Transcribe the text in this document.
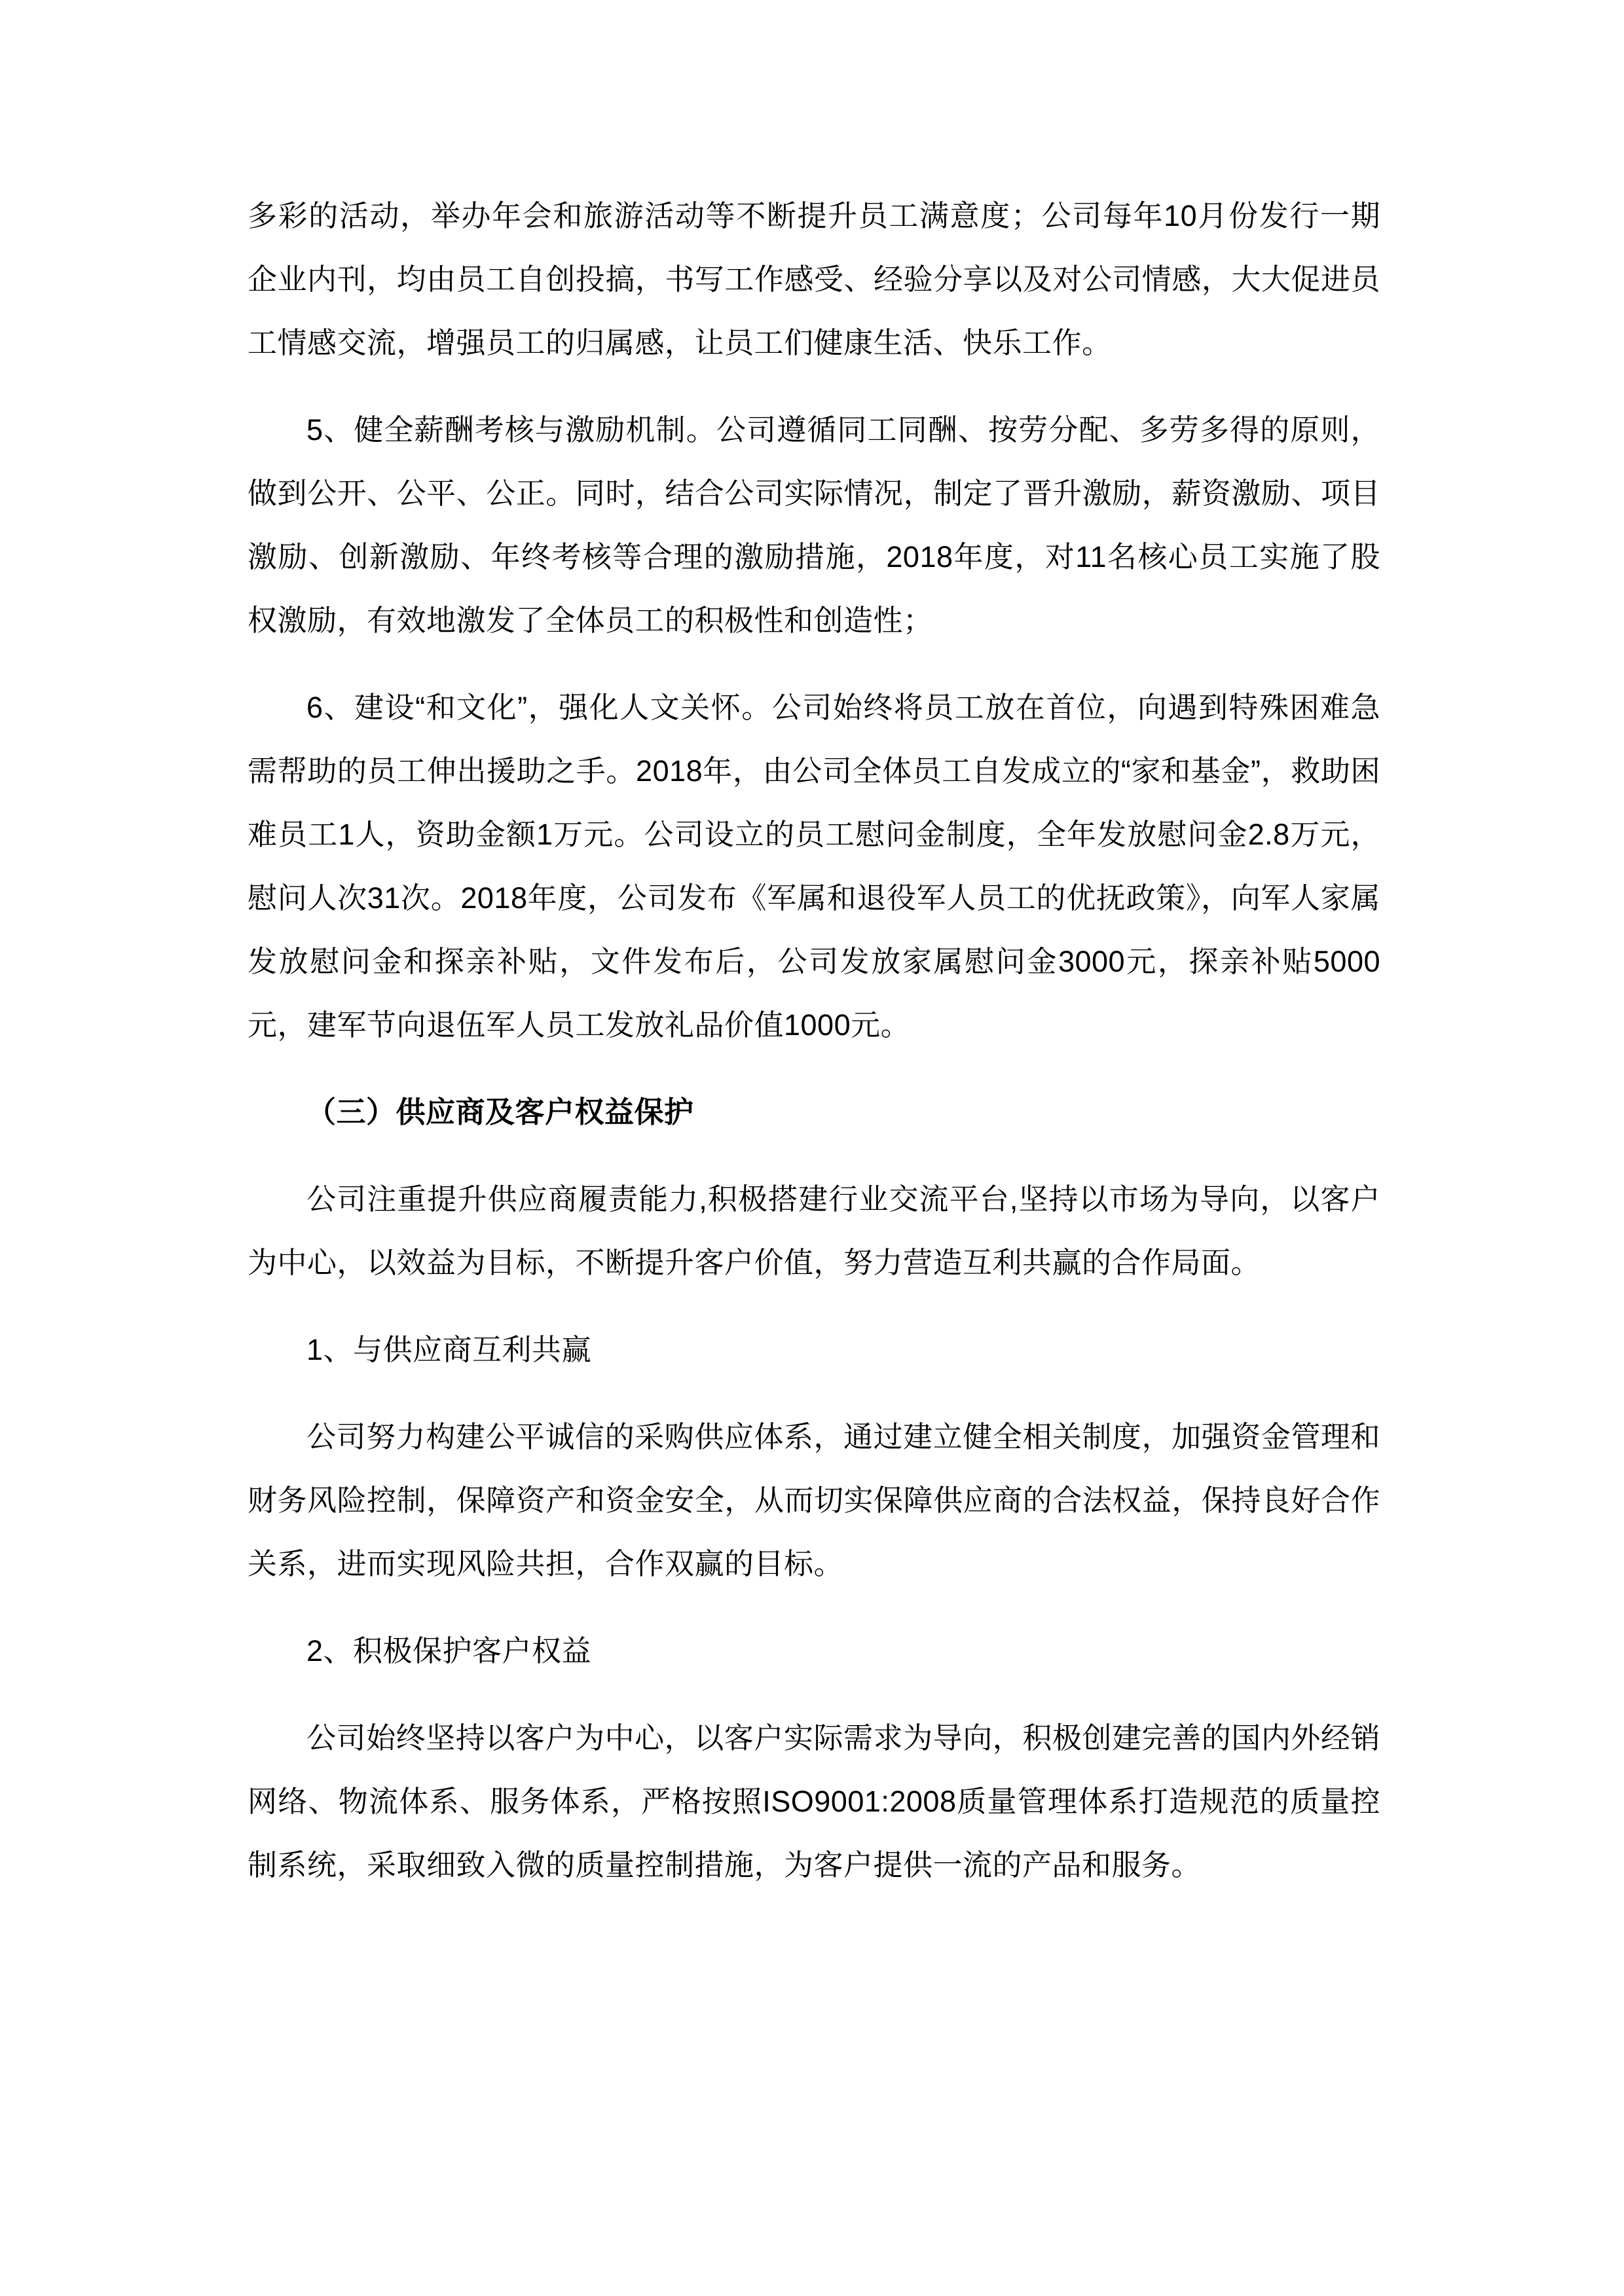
多彩的活动，举办年会和旅游活动等不断提升员工满意度；公司每年10月份发行一期企业内刊，均由员工自创投搞，书写工作感受、经验分享以及对公司情感，大大促进员工情感交流，增强员工的归属感，让员工们健康生活、快乐工作。

5、健全薪酬考核与激励机制。公司遵循同工同酬、按劳分配、多劳多得的原则，做到公开、公平、公正。同时，结合公司实际情况，制定了晋升激励，薪资激励、项目激励、创新激励、年终考核等合理的激励措施，2018年度，对11名核心员工实施了股权激励，有效地激发了全体员工的积极性和创造性；

6、建设“和文化”，强化人文关怀。公司始终将员工放在首位，向遇到特殊困难急需帮助的员工伸出援助之手。2018年，由公司全体员工自发成立的“家和基金”，救助困难员工1人，资助金额1万元。公司设立的员工慰问金制度，全年发放慰问金2.8万元，慰问人次31次。2018年度，公司发布《军属和退役军人员工的优抚政策》，向军人家属发放慰问金和探亲补贴，文件发布后，公司发放家属慰问金3000元，探亲补贴5000元，建军节向退伍军人员工发放礼品价值1000元。

（三）供应商及客户权益保护

公司注重提升供应商履责能力,积极搭建行业交流平台,坚持以市场为导向，以客户为中心，以效益为目标，不断提升客户价值，努力营造互利共赢的合作局面。

1、与供应商互利共赢

公司努力构建公平诚信的采购供应体系，通过建立健全相关制度，加强资金管理和财务风险控制，保障资产和资金安全，从而切实保障供应商的合法权益，保持良好合作关系，进而实现风险共担，合作双赢的目标。

2、积极保护客户权益

公司始终坚持以客户为中心，以客户实际需求为导向，积极创建完善的国内外经销网络、物流体系、服务体系，严格按照ISO9001:2008质量管理体系打造规范的质量控制系统，采取细致入微的质量控制措施，为客户提供一流的产品和服务。
